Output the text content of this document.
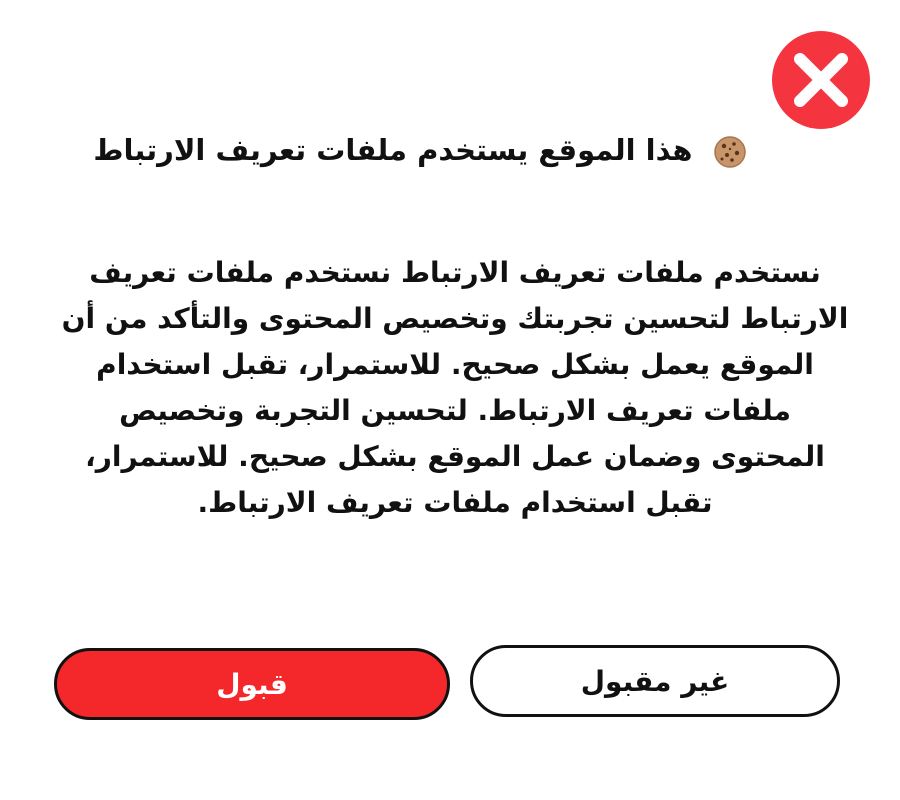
هذا الموقع يستخدم ملفات تعريف الارتباط
نستخدم ملفات تعريف الارتباط نستخدم ملفات تعريف الارتباط لتحسين تجربتك وتخصيص المحتوى والتأكد من أن الموقع يعمل بشكل صحيح. للاستمرار، تقبل استخدام ملفات تعريف الارتباط. لتحسين التجربة وتخصيص المحتوى وضمان عمل الموقع بشكل صحيح. للاستمرار، تقبل استخدام ملفات تعريف الارتباط.
غير مقبول
قبول
